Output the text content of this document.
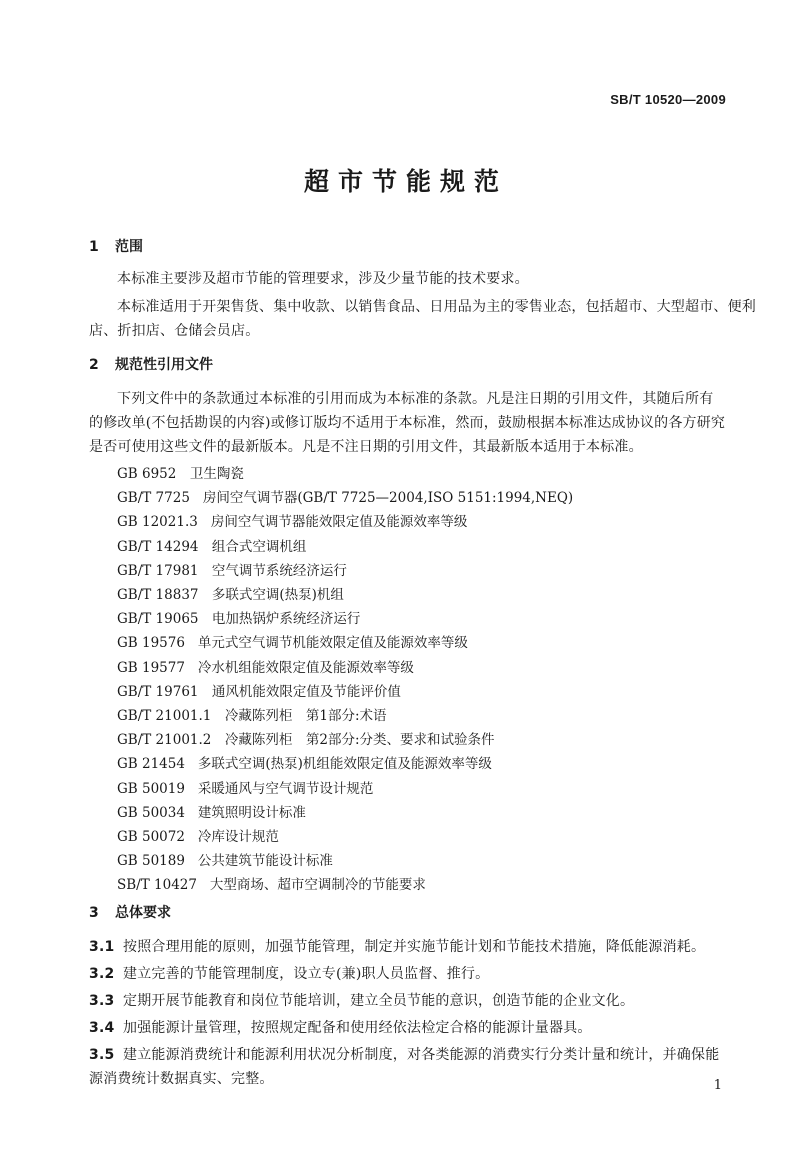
SB/T 10520—2009
超市节能规范
1 范围
本标准主要涉及超市节能的管理要求，涉及少量节能的技术要求。
本标准适用于开架售货、集中收款、以销售食品、日用品为主的零售业态，包括超市、大型超市、便利
店、折扣店、仓储会员店。
2 规范性引用文件
下列文件中的条款通过本标准的引用而成为本标准的条款。凡是注日期的引用文件，其随后所有
的修改单(不包括勘误的内容)或修订版均不适用于本标准，然而，鼓励根据本标准达成协议的各方研究
是否可使用这些文件的最新版本。凡是不注日期的引用文件，其最新版本适用于本标准。
GB 6952 卫生陶瓷
GB/T 7725 房间空气调节器(GB/T 7725—2004,ISO 5151:1994,NEQ)
GB 12021.3 房间空气调节器能效限定值及能源效率等级
GB/T 14294 组合式空调机组
GB/T 17981 空气调节系统经济运行
GB/T 18837 多联式空调(热泵)机组
GB/T 19065 电加热锅炉系统经济运行
GB 19576 单元式空气调节机能效限定值及能源效率等级
GB 19577 冷水机组能效限定值及能源效率等级
GB/T 19761 通风机能效限定值及节能评价值
GB/T 21001.1 冷藏陈列柜　第1部分:术语
GB/T 21001.2 冷藏陈列柜　第2部分:分类、要求和试验条件
GB 21454 多联式空调(热泵)机组能效限定值及能源效率等级
GB 50019 采暖通风与空气调节设计规范
GB 50034 建筑照明设计标准
GB 50072 冷库设计规范
GB 50189 公共建筑节能设计标准
SB/T 10427 大型商场、超市空调制冷的节能要求
3 总体要求
3.1 按照合理用能的原则，加强节能管理，制定并实施节能计划和节能技术措施，降低能源消耗。
3.2 建立完善的节能管理制度，设立专(兼)职人员监督、推行。
3.3 定期开展节能教育和岗位节能培训，建立全员节能的意识，创造节能的企业文化。
3.4 加强能源计量管理，按照规定配备和使用经依法检定合格的能源计量器具。
3.5 建立能源消费统计和能源利用状况分析制度，对各类能源的消费实行分类计量和统计，并确保能
源消费统计数据真实、完整。	1
